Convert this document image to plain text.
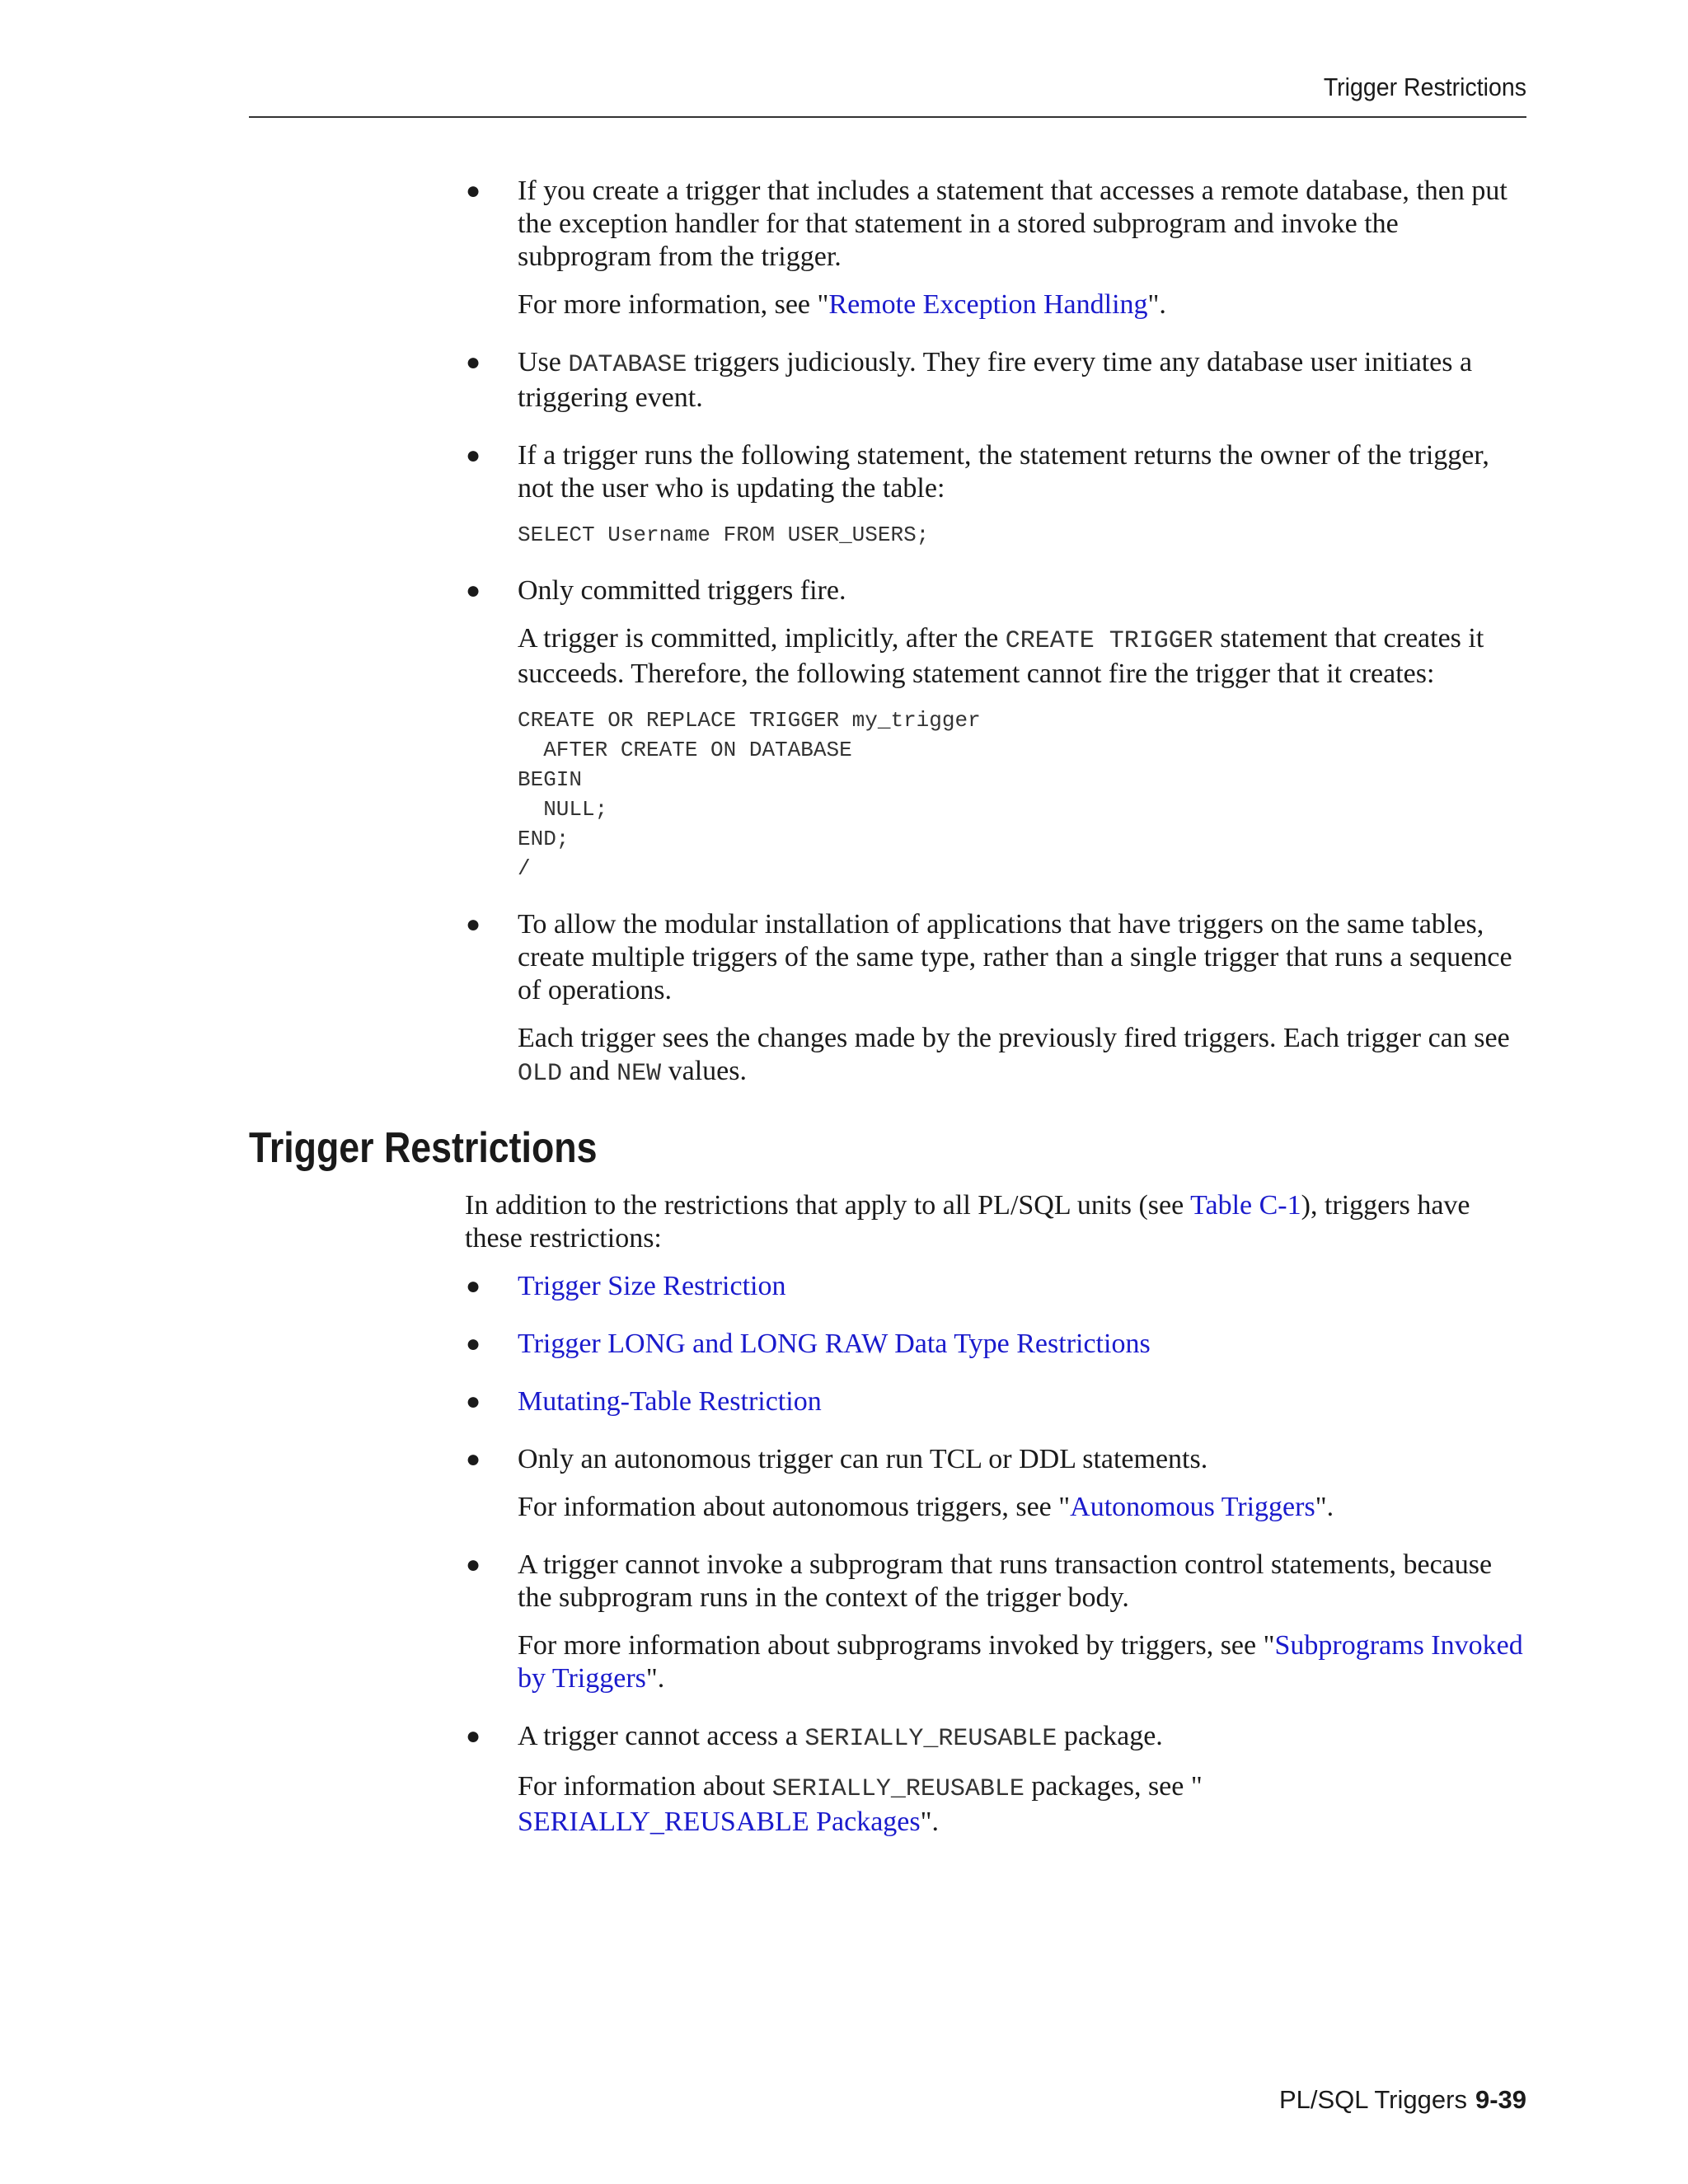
Trigger Restrictions
● If you create a trigger that includes a statement that accesses a remote database, then put the exception handler for that statement in a stored subprogram and invoke the subprogram from the trigger.

For more information, see "Remote Exception Handling".

● Use DATABASE triggers judiciously. They fire every time any database user initiates a triggering event.

● If a trigger runs the following statement, the statement returns the owner of the trigger, not the user who is updating the table:

SELECT Username FROM USER_USERS;
● Only committed triggers fire.

A trigger is committed, implicitly, after the CREATE TRIGGER statement that creates it succeeds. Therefore, the following statement cannot fire the trigger that it creates:

CREATE OR REPLACE TRIGGER my_trigger
AFTER CREATE ON DATABASE
BEGIN
NULL;
END;
/
● To allow the modular installation of applications that have triggers on the same tables, create multiple triggers of the same type, rather than a single trigger that runs a sequence of operations.

Each trigger sees the changes made by the previously fired triggers. Each trigger can see OLD and NEW values.

Trigger Restrictions

In addition to the restrictions that apply to all PL/SQL units (see Table C-1), triggers have these restrictions:

● Trigger Size Restriction

● Trigger LONG and LONG RAW Data Type Restrictions

● Mutating-Table Restriction

● Only an autonomous trigger can run TCL or DDL statements.

For information about autonomous triggers, see "Autonomous Triggers".

● A trigger cannot invoke a subprogram that runs transaction control statements, because the subprogram runs in the context of the trigger body.

For more information about subprograms invoked by triggers, see "Subprograms Invoked by Triggers".

● A trigger cannot access a SERIALLY_REUSABLE package.

For information about SERIALLY_REUSABLE packages, see "
SERIALLY_REUSABLE Packages".

PL/SQL Triggers 9-39
